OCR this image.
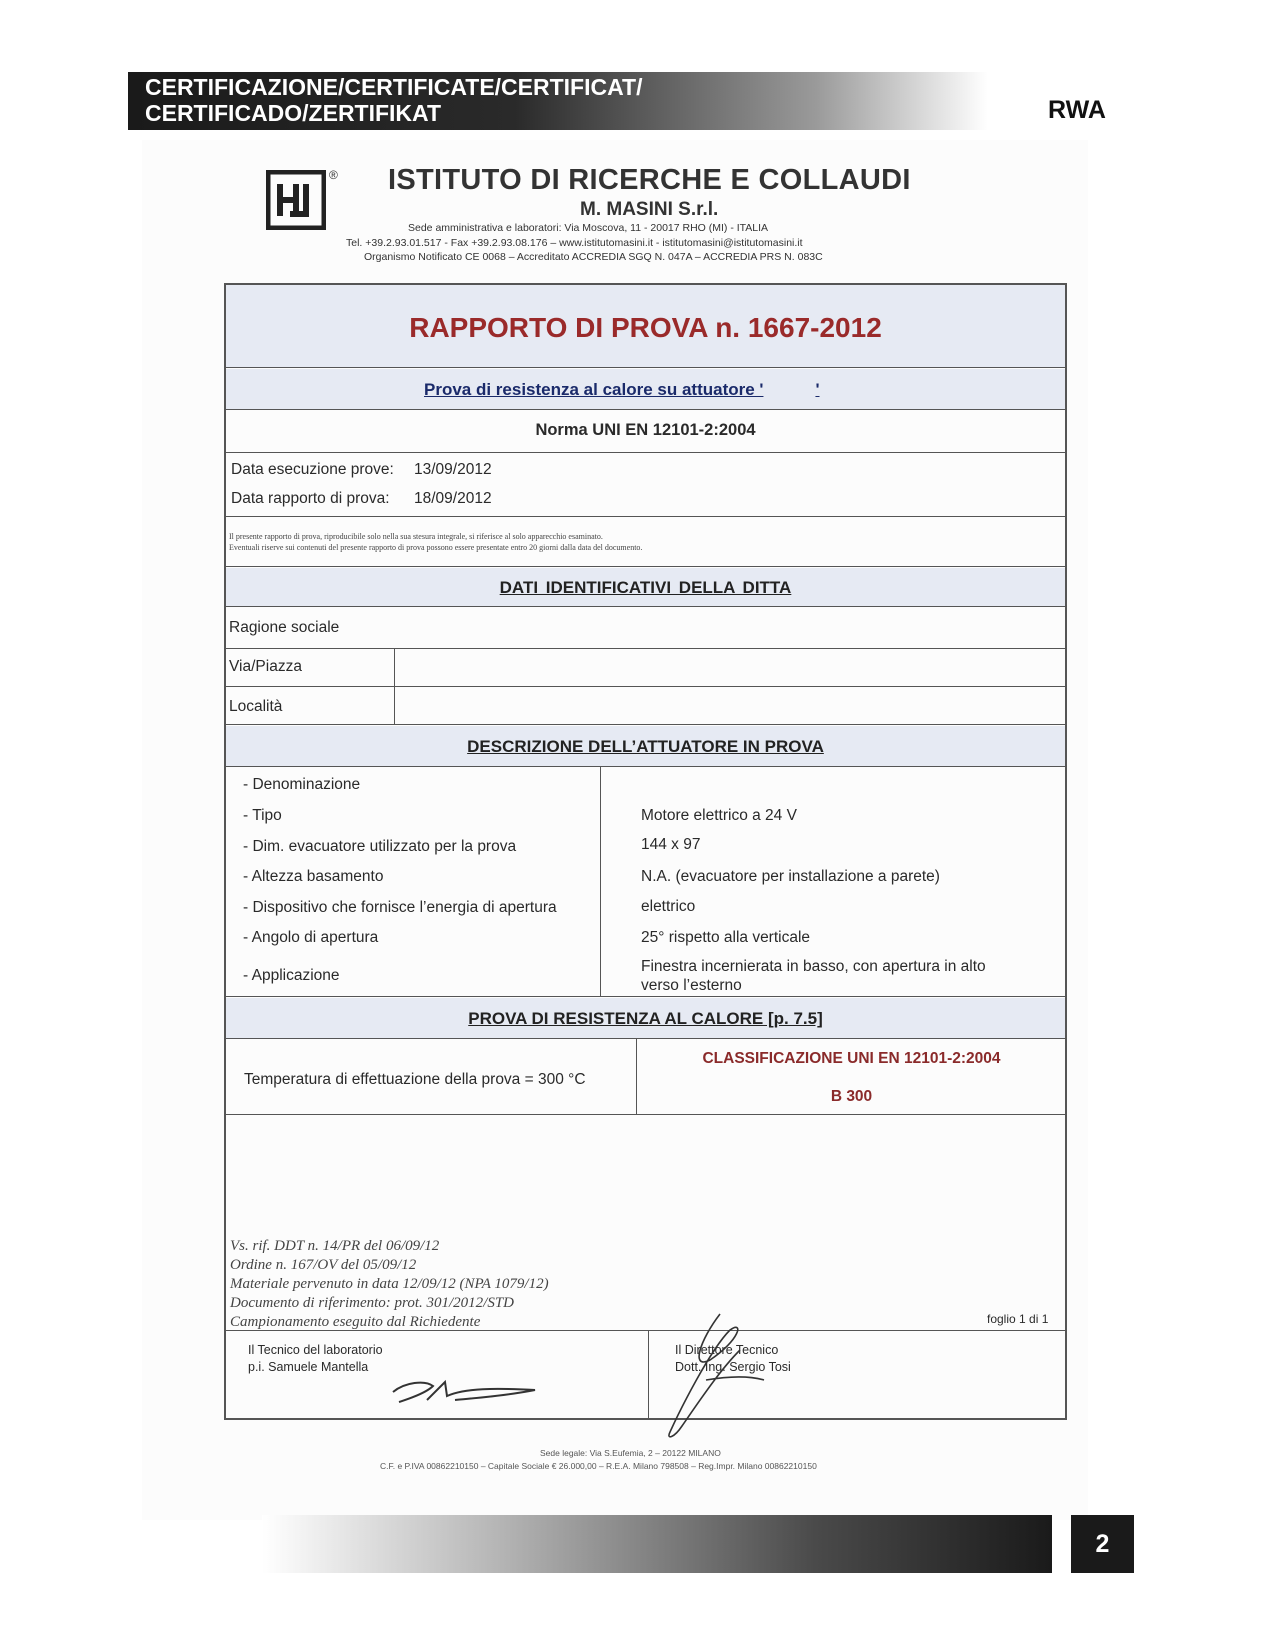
CERTIFICAZIONE/CERTIFICATE/CERTIFICAT/
CERTIFICADO/ZERTIFIKAT	RWA
® ISTITUTO DI RICERCHE E COLLAUDI
M. MASINI S.r.l.
Sede amministrativa e laboratori: Via Moscova, 11 - 20017 RHO (MI) - ITALIA
Tel. +39.2.93.01.517 - Fax +39.2.93.08.176 – www.istitutomasini.it - istitutomasini@istitutomasini.it
Organismo Notificato CE 0068 – Accreditato ACCREDIA SGQ N. 047A – ACCREDIA PRS N. 083C
RAPPORTO DI PROVA n. 1667-2012
Prova di resistenza al calore su attuatore '	'
Norma UNI EN 12101-2:2004
Data esecuzione prove: 13/09/2012
Data rapporto di prova: 18/09/2012
Il presente rapporto di prova, riproducibile solo nella sua stesura integrale, si riferisce al solo apparecchio esaminato.
Eventuali riserve sui contenuti del presente rapporto di prova possono essere presentate entro 20 giorni dalla data del documento.
DATI IDENTIFICATIVI DELLA DITTA
Ragione sociale
Via/Piazza
Località
DESCRIZIONE DELL’ATTUATORE IN PROVA
- Denominazione
- Tipo	Motore elettrico a 24 V
- Dim. evacuatore utilizzato per la prova	144 x 97
- Altezza basamento	N.A. (evacuatore per installazione a parete)
- Dispositivo che fornisce l’energia di apertura	elettrico
- Angolo di apertura	25° rispetto alla verticale
- Applicazione
Finestra incernierata in basso, con apertura in alto
verso l’esterno
PROVA DI RESISTENZA AL CALORE [p. 7.5]
Temperatura di effettuazione della prova = 300 °C
CLASSIFICAZIONE UNI EN 12101-2:2004
B 300
Vs. rif. DDT n. 14/PR del 06/09/12
Ordine n. 167/OV del 05/09/12
Materiale pervenuto in data 12/09/12 (NPA 1079/12)
Documento di riferimento: prot. 301/2012/STD
Campionamento eseguito dal Richiedente	foglio 1 di 1
Il Tecnico del laboratorio
p.i. Samuele Mantella
Il Direttore Tecnico
Dott. Ing. Sergio Tosi
Sede legale: Via S.Eufemia, 2 – 20122 MILANO
C.F. e P.IVA 00862210150 – Capitale Sociale € 26.000,00 – R.E.A. Milano 798508 – Reg.Impr. Milano 00862210150
2
